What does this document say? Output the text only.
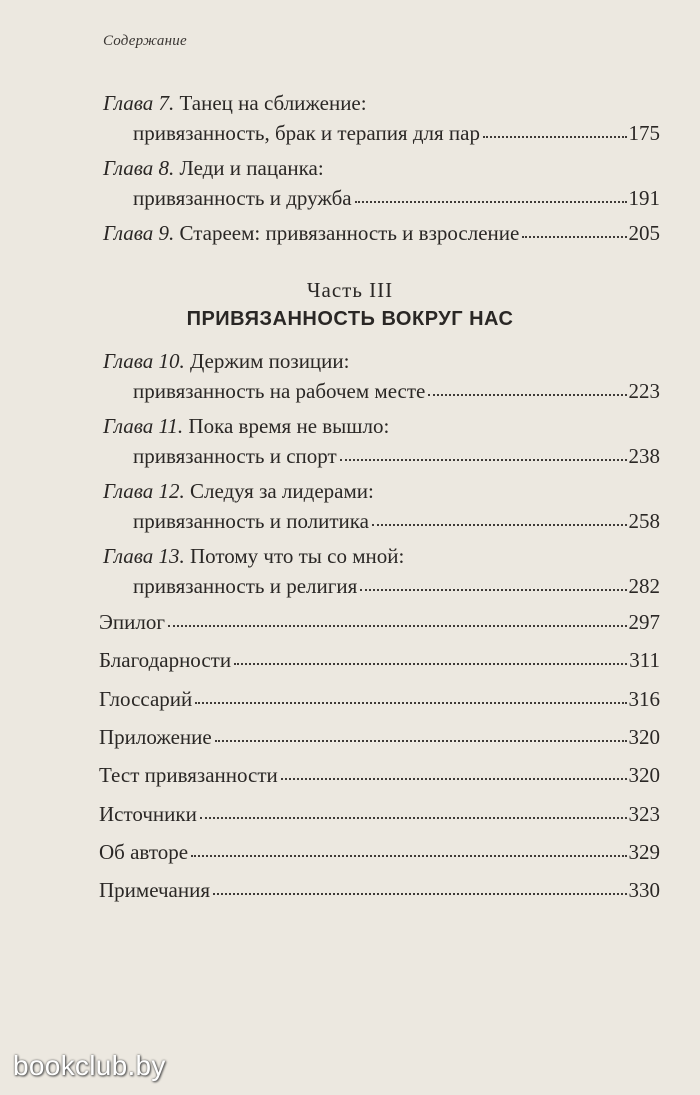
Содержание
Глава 7. Танец на сближение:
привязанность, брак и терапия для пар	175
Глава 8. Леди и пацанка:
привязанность и дружба	191
Глава 9.
Стареем: привязанность и взросление	205
Часть III
ПРИВЯЗАННОСТЬ ВОКРУГ НАС
Глава 10. Держим позиции:
привязанность на рабочем месте	223
Глава 11. Пока время не вышло:
привязанность и спорт	238
Глава 12. Следуя за лидерами:
привязанность и политика	258
Глава 13. Потому что ты со мной:
привязанность и религия	282
Эпилог	297
Благодарности	311
Глоссарий	316
Приложение	320
Тест привязанности	320
Источники	323
Об авторе	329
Примечания	330
bookclub.by
